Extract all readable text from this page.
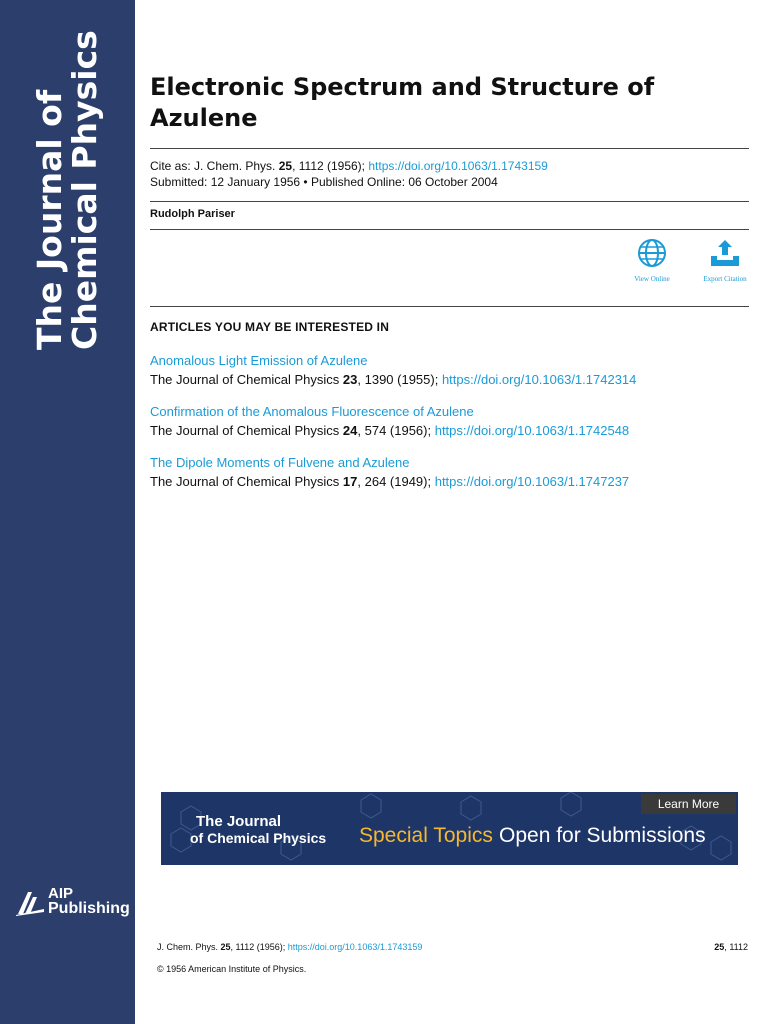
The Journal of
Chemical Physics
AIP
Publishing
Electronic Spectrum and Structure of Azulene
Cite as: J. Chem. Phys. 25, 1112 (1956); https://doi.org/10.1063/1.1743159
Submitted: 12 January 1956 • Published Online: 06 October 2004
Rudolph Pariser
View Online	Export Citation
ARTICLES YOU MAY BE INTERESTED IN
Anomalous Light Emission of Azulene
The Journal of Chemical Physics 23, 1390 (1955); https://doi.org/10.1063/1.1742314
Confirmation of the Anomalous Fluorescence of Azulene
The Journal of Chemical Physics 24, 574 (1956); https://doi.org/10.1063/1.1742548
The Dipole Moments of Fulvene and Azulene
The Journal of Chemical Physics 17, 264 (1949); https://doi.org/10.1063/1.1747237
The Journal
of Chemical Physics Special Topics Open for Submissions
Learn More
J. Chem. Phys. 25, 1112 (1956); https://doi.org/10.1063/1.1743159	25, 1112
© 1956 American Institute of Physics.
